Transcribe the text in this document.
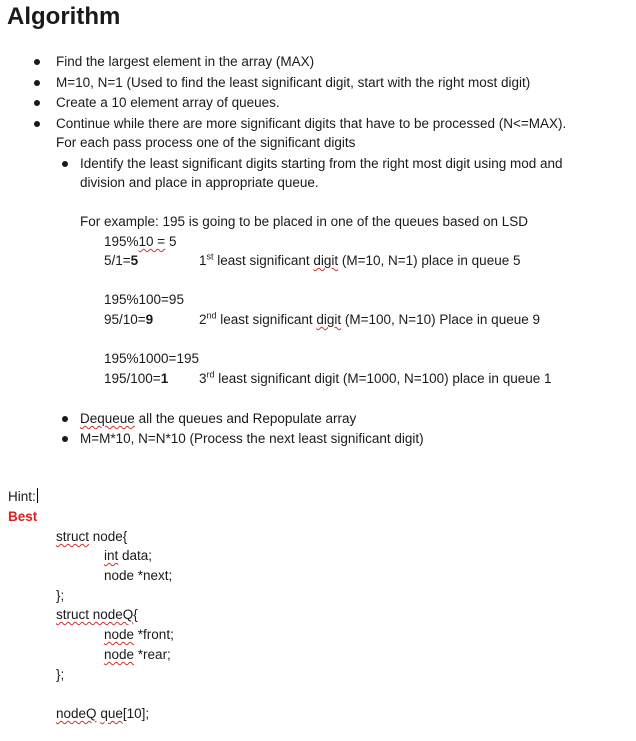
Algorithm
Find the largest element in the array (MAX)
M=10, N=1 (Used to find the least significant digit, start with the right most digit)
Create a 10 element array of queues.
Continue while there are more significant digits that have to be processed (N<=MAX).
For each pass process one of the significant digits
Identify the least significant digits starting from the right most digit using mod and
division and place in appropriate queue.
For example: 195 is going to be placed in one of the queues based on LSD
195%10 = 5
5/1=5	1st least significant digit (M=10, N=1) place in queue 5
195%100=95
95/10=9	2nd least significant digit (M=100, N=10) Place in queue 9
195%1000=195
195/100=1 3rd least significant digit (M=1000, N=100) place in queue 1
Dequeue all the queues and Repopulate array
M=M*10, N=N*10 (Process the next least significant digit)
Hint:
Best
struct node{
int data;
node *next;
};
struct nodeQ{
node *front;
node *rear;
};
nodeQ que[10];
